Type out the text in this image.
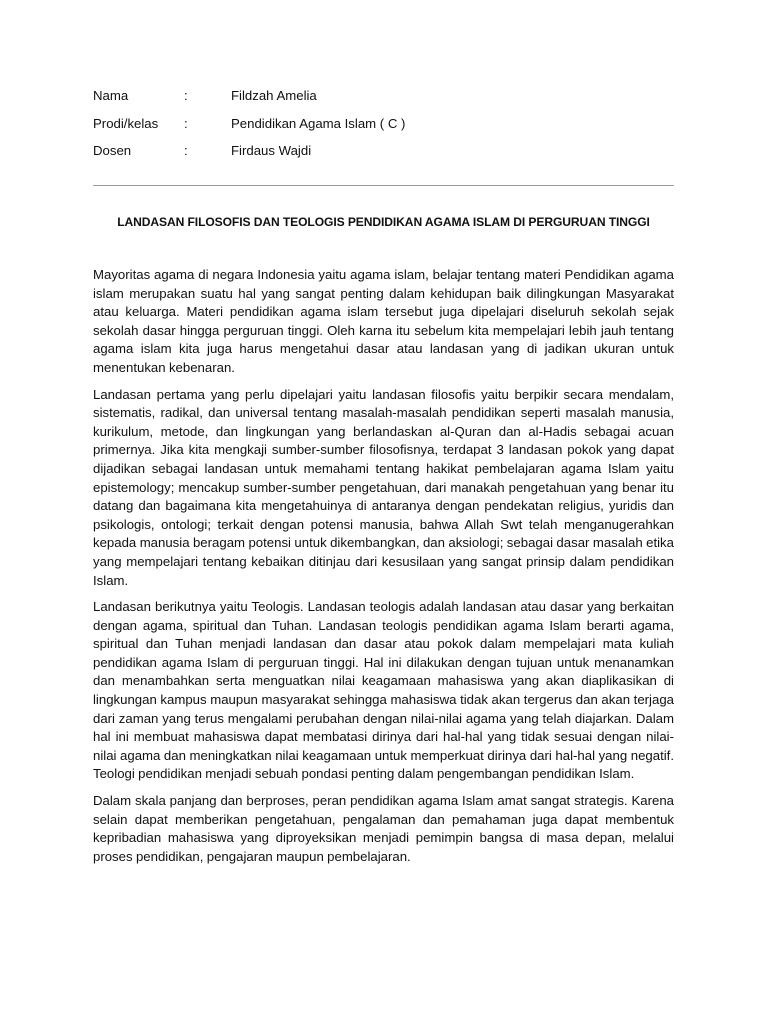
Nama	:	Fildzah Amelia
Prodi/kelas :	Pendidikan Agama Islam ( C )
Dosen	:	Firdaus Wajdi
LANDASAN FILOSOFIS DAN TEOLOGIS PENDIDIKAN AGAMA ISLAM DI PERGURUAN TINGGI

Mayoritas agama di negara Indonesia yaitu agama islam, belajar tentang materi Pendidikan agama islam merupakan suatu hal yang sangat penting dalam kehidupan baik dilingkungan Masyarakat atau keluarga. Materi pendidikan agama islam tersebut juga dipelajari diseluruh sekolah sejak sekolah dasar hingga perguruan tinggi. Oleh karna itu sebelum kita mempelajari lebih jauh tentang agama islam kita juga harus mengetahui dasar atau landasan yang di jadikan ukuran untuk menentukan kebenaran.

Landasan pertama yang perlu dipelajari yaitu landasan filosofis yaitu berpikir secara mendalam, sistematis, radikal, dan universal tentang masalah-masalah pendidikan seperti masalah manusia, kurikulum, metode, dan lingkungan yang berlandaskan al-Quran dan al-Hadis sebagai acuan primernya. Jika kita mengkaji sumber-sumber filosofisnya, terdapat 3 landasan pokok yang dapat dijadikan sebagai landasan untuk memahami tentang hakikat pembelajaran agama Islam yaitu epistemology; mencakup sumber-sumber pengetahuan, dari manakah pengetahuan yang benar itu datang dan bagaimana kita mengetahuinya di antaranya dengan pendekatan religius, yuridis dan psikologis, ontologi; terkait dengan potensi manusia, bahwa Allah Swt telah menganugerahkan kepada manusia beragam potensi untuk dikembangkan, dan aksiologi; sebagai dasar masalah etika yang mempelajari tentang kebaikan ditinjau dari kesusilaan yang sangat prinsip dalam pendidikan Islam.

Landasan berikutnya yaitu Teologis. Landasan teologis adalah landasan atau dasar yang berkaitan dengan agama, spiritual dan Tuhan. Landasan teologis pendidikan agama Islam berarti agama, spiritual dan Tuhan menjadi landasan dan dasar atau pokok dalam mempelajari mata kuliah pendidikan agama Islam di perguruan tinggi. Hal ini dilakukan dengan tujuan untuk menanamkan dan menambahkan serta menguatkan nilai keagamaan mahasiswa yang akan diaplikasikan di lingkungan kampus maupun masyarakat sehingga mahasiswa tidak akan tergerus dan akan terjaga dari zaman yang terus mengalami perubahan dengan nilai-nilai agama yang telah diajarkan. Dalam hal ini membuat mahasiswa dapat membatasi dirinya dari hal-hal yang tidak sesuai dengan nilai-nilai agama dan meningkatkan nilai keagamaan untuk memperkuat dirinya dari hal-hal yang negatif. Teologi pendidikan menjadi sebuah pondasi penting dalam pengembangan pendidikan Islam.

Dalam skala panjang dan berproses, peran pendidikan agama Islam amat sangat strategis. Karena selain dapat memberikan pengetahuan, pengalaman dan pemahaman juga dapat membentuk kepribadian mahasiswa yang diproyeksikan menjadi pemimpin bangsa di masa depan, melalui proses pendidikan, pengajaran maupun pembelajaran.
